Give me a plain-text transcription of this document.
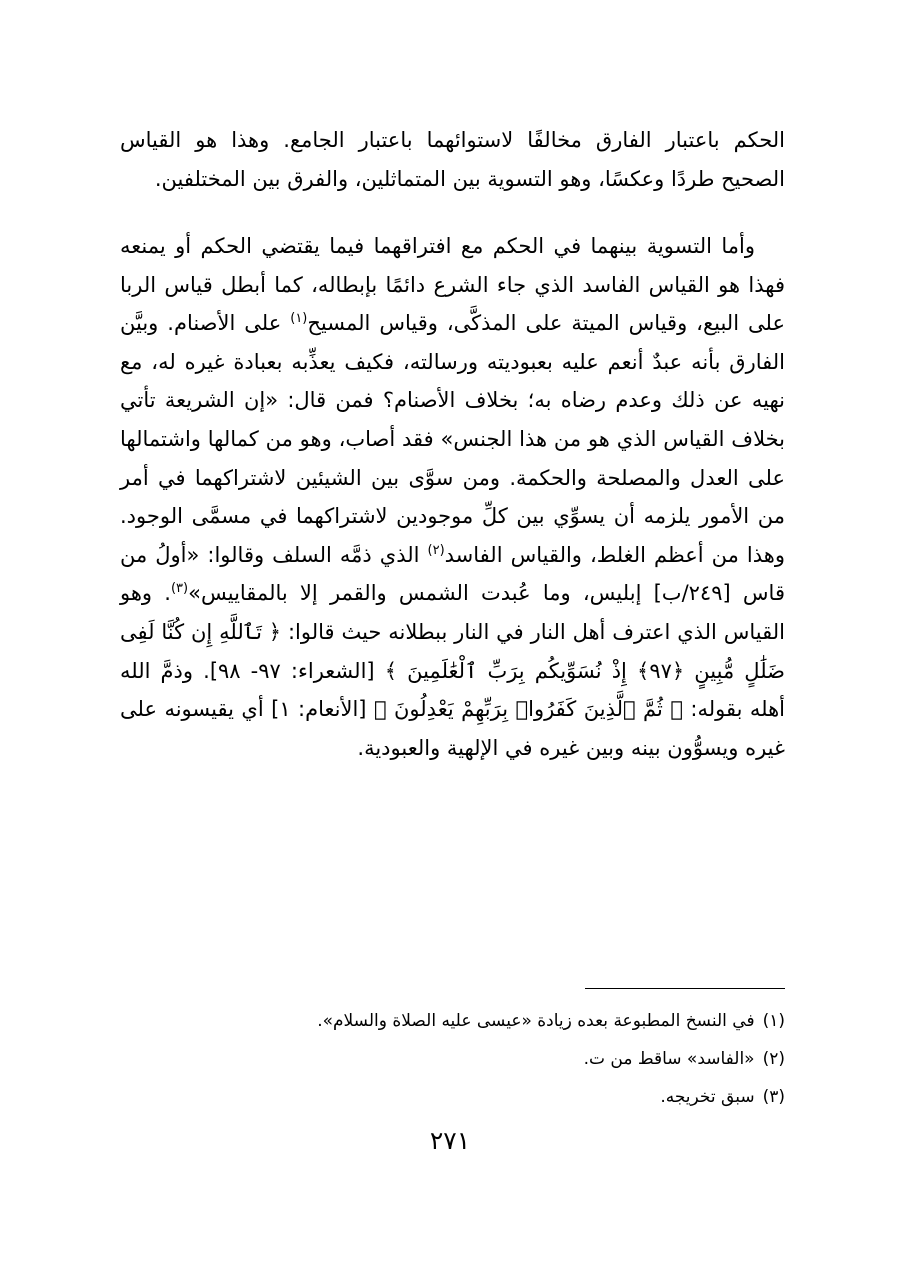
الحكم باعتبار الفارق مخالفًا لاستوائهما باعتبار الجامع. وهذا هو القياس الصحيح طردًا وعكسًا، وهو التسوية بين المتماثلين، والفرق بين المختلفين.

وأما التسوية بينهما في الحكم مع افتراقهما فيما يقتضي الحكم أو يمنعه فهذا هو القياس الفاسد الذي جاء الشرع دائمًا بإبطاله، كما أبطل قياس الربا على البيع، وقياس الميتة على المذكَّى، وقياس المسيح$^{(١)}$ على الأصنام. وبيَّن الفارق بأنه عبدٌ أنعم عليه بعبوديته ورسالته، فكيف يعذِّبه بعبادة غيره له، مع نهيه عن ذلك وعدم رضاه به؛ بخلاف الأصنام؟ فمن قال: «إن الشريعة تأتي بخلاف القياس الذي هو من هذا الجنس» فقد أصاب، وهو من كمالها واشتمالها على العدل والمصلحة والحكمة. ومن سوَّى بين الشيئين لاشتراكهما في أمر من الأمور يلزمه أن يسوِّي بين كلِّ موجودين لاشتراكهما في مسمَّى الوجود. وهذا من أعظم الغلط، والقياس الفاسد$^{(٢)}$ الذي ذمَّه السلف وقالوا: «أولُ من قاس [٢٤٩/ب] إبليس، وما عُبدت الشمس والقمر إلا بالمقاييس»$^{(٣)}$. وهو القياس الذي اعترف أهل النار في النار ببطلانه حيث قالوا: ﴿ تَٱللَّهِ إِن كُنَّا لَفِى ضَلَٰلٍ مُّبِينٍ ﴿٩٧﴾ إِذْ نُسَوِّيكُم بِرَبِّ ٱلْعَٰلَمِينَ ﴾ [الشعراء: ٩٧- ٩٨]. وذمَّ الله أهله بقوله: ﴿ ثُمَّ ٱلَّذِينَ كَفَرُوا۟ بِرَبِّهِمْ يَعْدِلُونَ ﴾ [الأنعام: ١] أي يقيسونه على غيره ويسوُّون بينه وبين غيره في الإلهية والعبودية.

(١)في النسخ المطبوعة بعده زيادة «عيسى عليه الصلاة والسلام».
(٢)«الفاسد» ساقط من ت.
(٣)سبق تخريجه.
٢٧١
